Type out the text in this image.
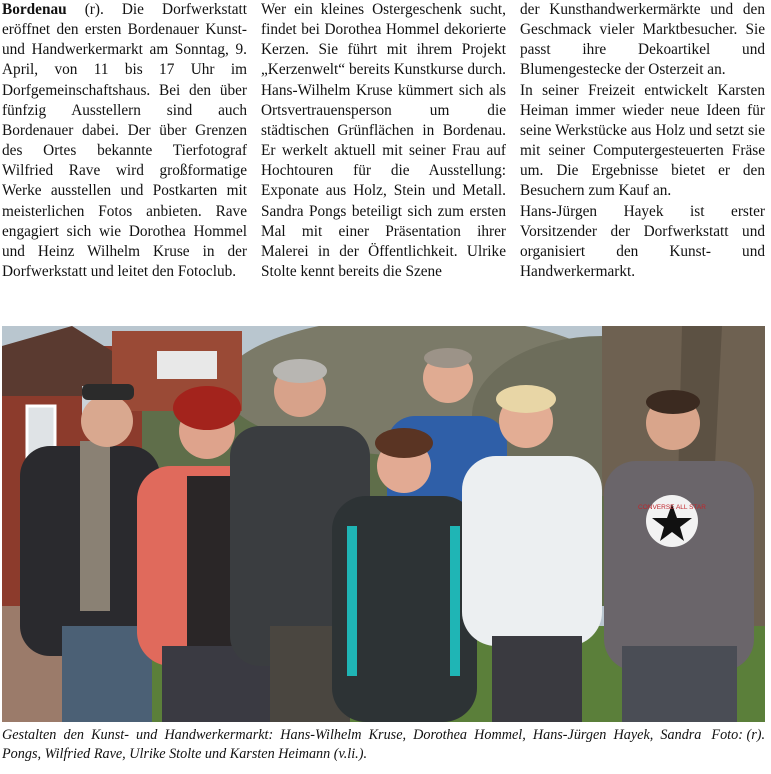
Bordenau (r). Die Dorfwerkstatt eröffnet den ersten Bordenauer Kunst- und Handwerkermarkt am Sonntag, 9. April, von 11 bis 17 Uhr im Dorfgemeinschaftshaus. Bei den über fünfzig Ausstellern sind auch Bordenauer dabei. Der über Grenzen des Ortes bekannte Tierfotograf Wilfried Rave wird großformatige Werke ausstellen und Postkarten mit meisterlichen Fotos anbieten. Rave engagiert sich wie Dorothea Hommel und Heinz Wilhelm Kruse in der Dorfwerkstatt und leitet den Fotoclub.

Wer ein kleines Ostergeschenk sucht, findet bei Dorothea Hommel dekorierte Kerzen. Sie führt mit ihrem Projekt „Kerzenwelt“ bereits Kunstkurse durch. Hans-Wilhelm Kruse kümmert sich als Ortsvertrauensperson um die städtischen Grünflächen in Bordenau. Er werkelt aktuell mit seiner Frau auf Hochtouren für die Ausstellung: Exponate aus Holz, Stein und Metall. Sandra Pongs beteiligt sich zum ersten Mal mit einer Präsentation ihrer Malerei in der Öffentlichkeit. Ulrike Stolte kennt bereits die Szene

der Kunsthandwerkermärkte und den Geschmack vieler Marktbesucher. Sie passt ihre Dekoartikel und Blumengestecke der Osterzeit an.

In seiner Freizeit entwickelt Karsten Heiman immer wieder neue Ideen für seine Werkstücke aus Holz und setzt sie mit seiner Computergesteuerten Fräse um. Die Ergebnisse bietet er den Besuchern zum Kauf an.

Hans-Jürgen Hayek ist erster Vorsitzender der Dorfwerkstatt und organisiert den Kunst- und Handwerkermarkt.

CONVERSE ALL STAR
Foto: (r).
Gestalten den Kunst- und Handwerkermarkt: Hans-Wilhelm Kruse, Dorothea Hommel, Hans-Jürgen Hayek, Sandra Pongs, Wilfried Rave, Ulrike Stolte und Karsten Heimann (v.li.).
